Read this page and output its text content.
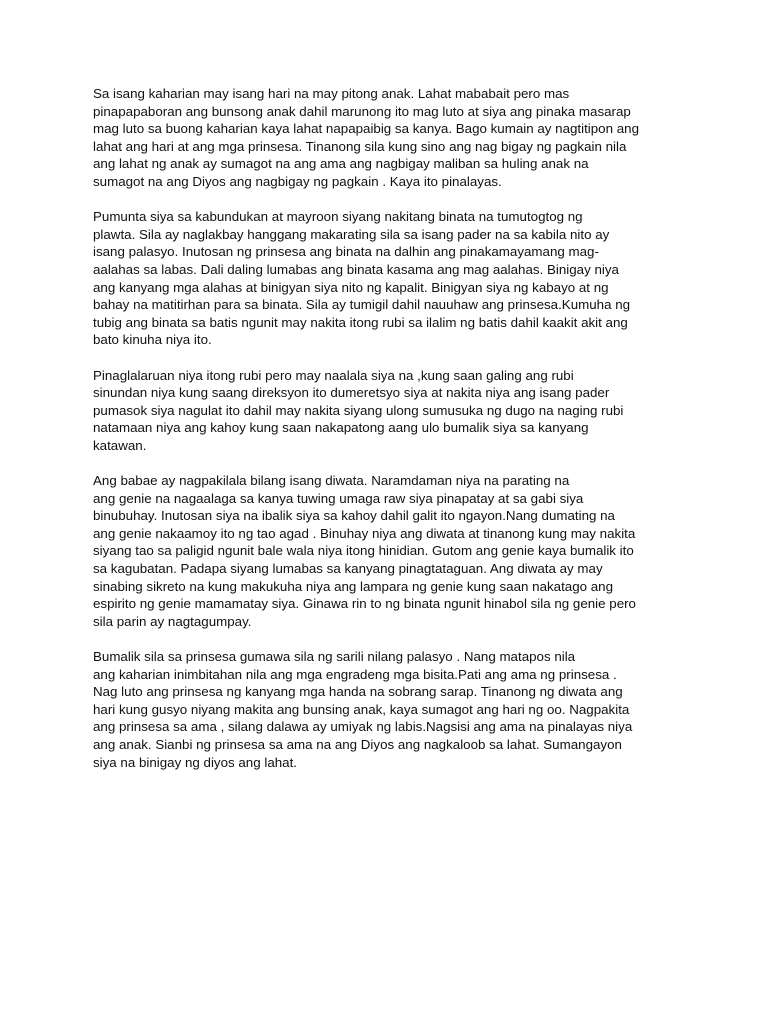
Sa isang kaharian may isang hari na may pitong anak. Lahat mababait pero mas
pinapapaboran ang bunsong anak dahil marunong ito mag luto at siya ang pinaka masarap
mag luto sa buong kaharian kaya lahat napapaibig sa kanya. Bago kumain ay nagtitipon ang
lahat ang hari at ang mga prinsesa. Tinanong sila kung sino ang nag bigay ng pagkain nila
ang lahat ng anak ay sumagot na ang ama ang nagbigay maliban sa huling anak na
sumagot na ang Diyos ang nagbigay ng pagkain . Kaya ito pinalayas.

Pumunta siya sa kabundukan at mayroon siyang nakitang binata na tumutogtog ng
plawta. Sila ay naglakbay hanggang makarating sila sa isang pader na sa kabila nito ay
isang palasyo. Inutosan ng prinsesa ang binata na dalhin ang pinakamayamang mag-
aalahas sa labas. Dali daling lumabas ang binata kasama ang mag aalahas. Binigay niya
ang kanyang mga alahas at binigyan siya nito ng kapalit. Binigyan siya ng kabayo at ng
bahay na matitirhan para sa binata. Sila ay tumigil dahil nauuhaw ang prinsesa.Kumuha ng
tubig ang binata sa batis ngunit may nakita itong rubi sa ilalim ng batis dahil kaakit akit ang
bato kinuha niya ito.

Pinaglalaruan niya itong rubi pero may naalala siya na ,kung saan galing ang rubi
sinundan niya kung saang direksyon ito dumeretsyo siya at nakita niya ang isang pader
pumasok siya nagulat ito dahil may nakita siyang ulong sumusuka ng dugo na naging rubi
natamaan niya ang kahoy kung saan nakapatong aang ulo bumalik siya sa kanyang
katawan.

Ang babae ay nagpakilala bilang isang diwata. Naramdaman niya na parating na
ang genie na nagaalaga sa kanya tuwing umaga raw siya pinapatay at sa gabi siya
binubuhay. Inutosan siya na ibalik siya sa kahoy dahil galit ito ngayon.Nang dumating na
ang genie nakaamoy ito ng tao agad . Binuhay niya ang diwata at tinanong kung may nakita
siyang tao sa paligid ngunit bale wala niya itong hinidian. Gutom ang genie kaya bumalik ito
sa kagubatan. Padapa siyang lumabas sa kanyang pinagtataguan. Ang diwata ay may
sinabing sikreto na kung makukuha niya ang lampara ng genie kung saan nakatago ang
espirito ng genie mamamatay siya. Ginawa rin to ng binata ngunit hinabol sila ng genie pero
sila parin ay nagtagumpay.

Bumalik sila sa prinsesa gumawa sila ng sarili nilang palasyo . Nang matapos nila
ang kaharian inimbitahan nila ang mga engradeng mga bisita.Pati ang ama ng prinsesa .
Nag luto ang prinsesa ng kanyang mga handa na sobrang sarap. Tinanong ng diwata ang
hari kung gusyo niyang makita ang bunsing anak, kaya sumagot ang hari ng oo. Nagpakita
ang prinsesa sa ama , silang dalawa ay umiyak ng labis.Nagsisi ang ama na pinalayas niya
ang anak. Sianbi ng prinsesa sa ama na ang Diyos ang nagkaloob sa lahat. Sumangayon
siya na binigay ng diyos ang lahat.
